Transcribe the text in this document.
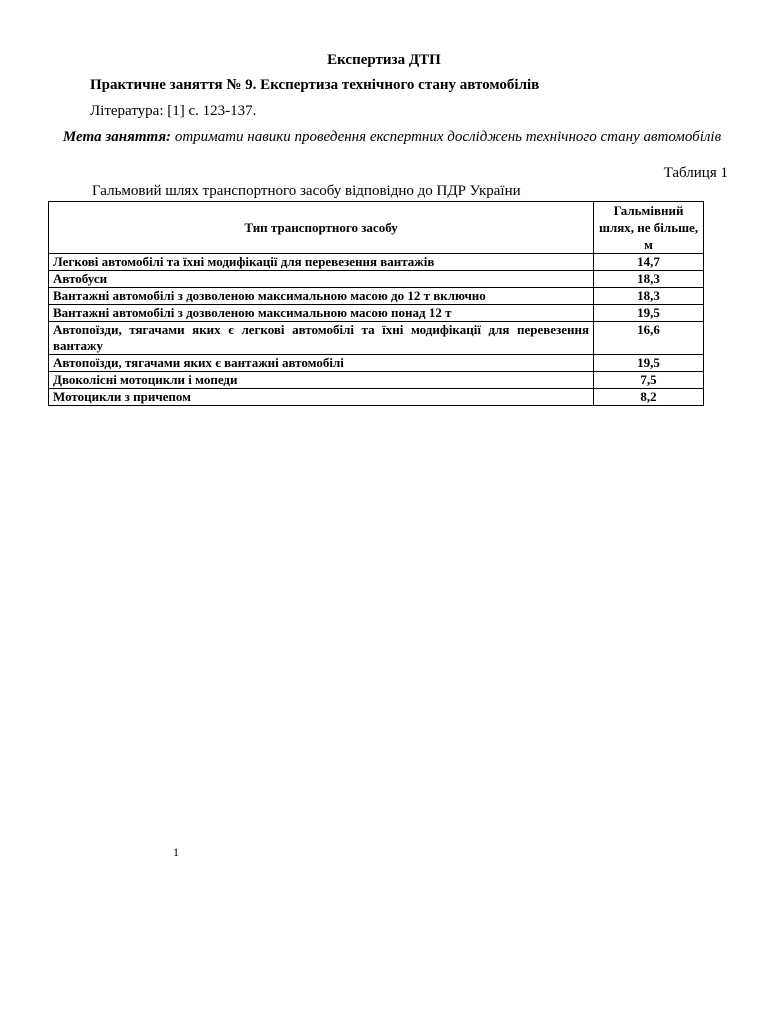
Експертиза ДТП
Практичне заняття № 9. Експертиза технічного стану автомобілів
Література: [1] с. 123-137.
Мета заняття: отримати навики проведення експертних досліджень технічного стану автомобілів
Таблиця 1
Гальмовий шлях транспортного засобу відповідно до ПДР України
Тип транспортного засобу	Гальмівний шлях, не більше, м
Легкові автомобілі та їхні модифікації для перевезення вантажів	14,7
Автобуси	18,3
Вантажні автомобілі з дозволеною максимальною масою до 12 т включно	18,3
Вантажні автомобілі з дозволеною максимальною масою понад 12 т	19,5
Автопоїзди, тягачами яких є легкові автомобілі та їхні модифікації для перевезення вантажу	16,6
Автопоїзди, тягачами яких є вантажні автомобілі	19,5
Двоколісні мотоцикли і мопеди	7,5
Мотоцикли з причепом	8,2
1
